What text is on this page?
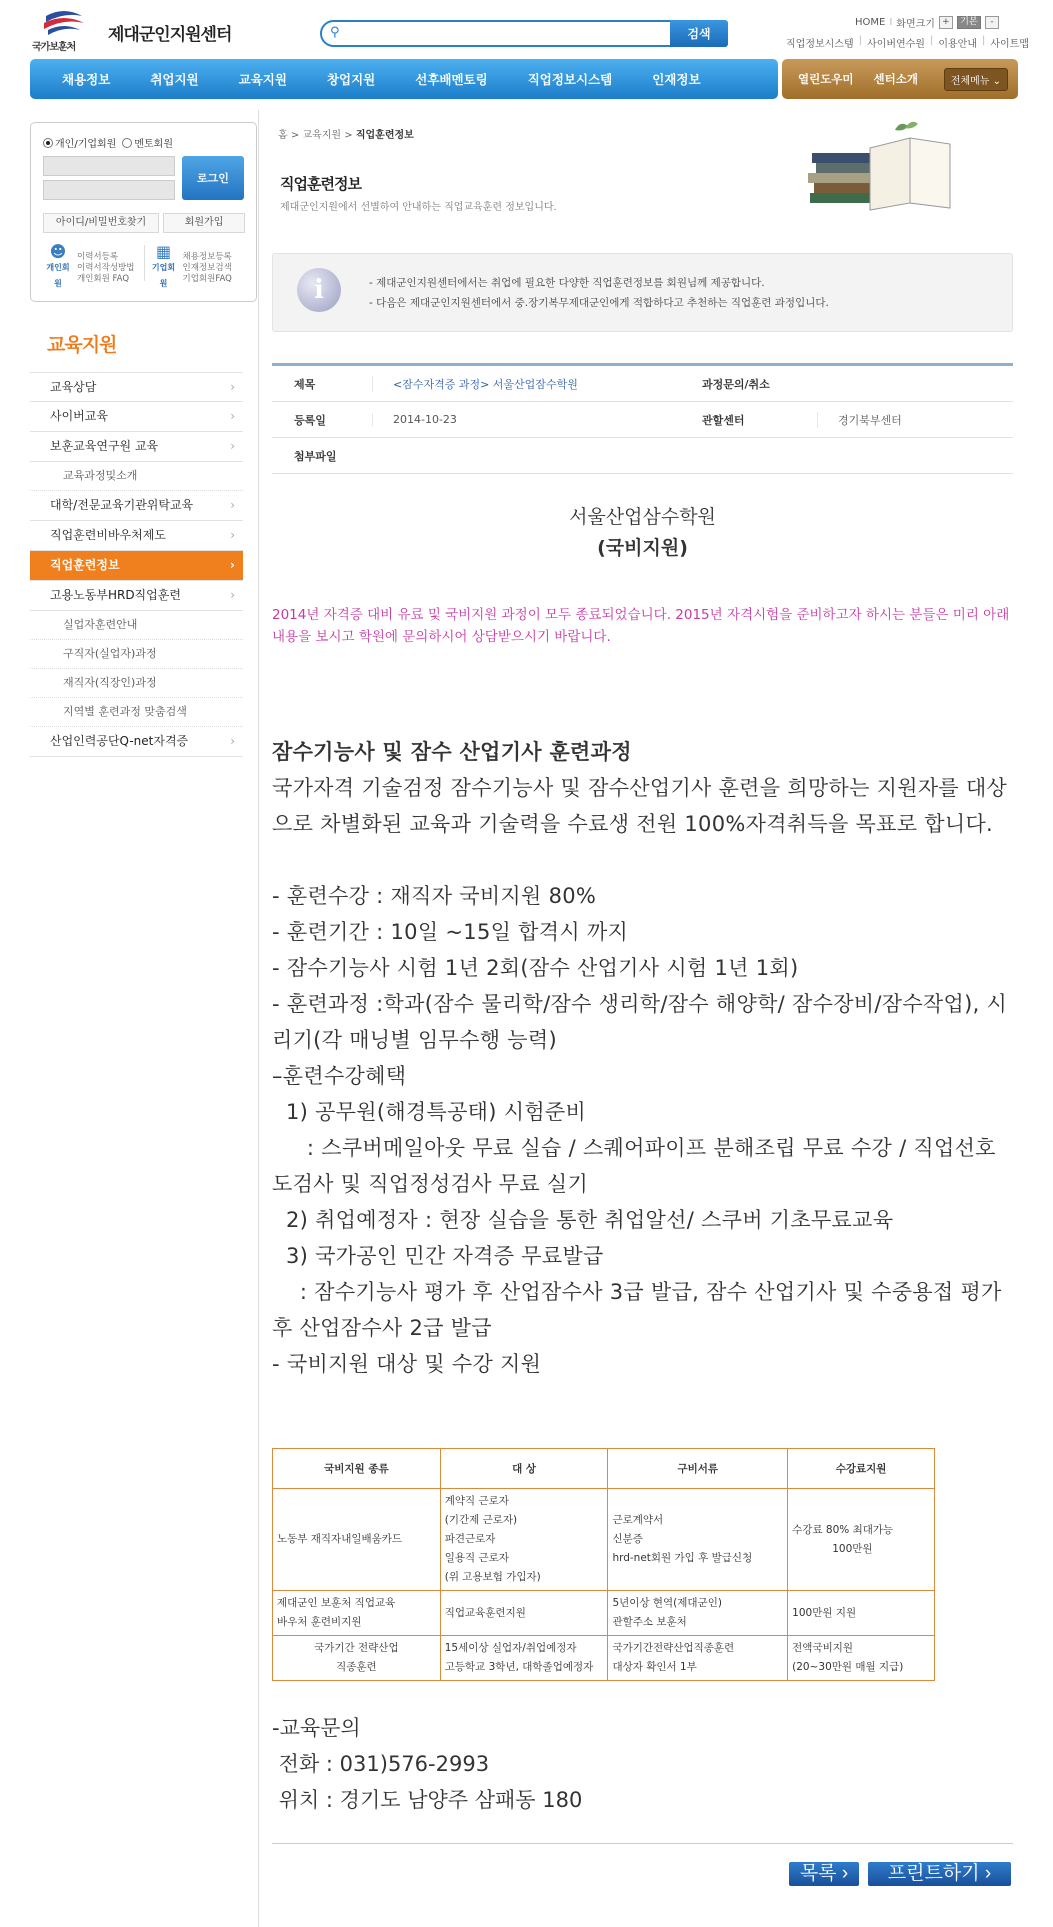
국가보훈처
제대군인지원센터	⚲	검색
HOME I 화면크기 +	기본	-
직업정보시스템 | 사이버연수원 | 이용안내 | 사이트맵
채용정보	취업지원	교육지원	창업지원	선후배멘토링	직업정보시스템	인재정보	열린도우미 센터소개	전체메뉴 ⌄
개인/기업회원	멘토회원
로그인
아이디/비밀번호찾기	회원가입
☻
개인회원
이력서등록
이력서작성방법
개인회원 FAQ
▦
기업회원
채용정보등록
인재정보검색
기업회원FAQ
교육지원
교육상담 ›
사이버교육 ›
보훈교육연구원 교육 ›
교육과정및소개
대학/전문교육기관위탁교육 ›
직업훈련비바우처제도 ›
직업훈련정보 ›
고용노동부HRD직업훈련 ›
실업자훈련안내
구직자(실업자)과정
재직자(직장인)과정
지역별 훈련과정 맞춤검색
산업인력공단Q-net자격증 ›
홈 > 교육지원 > 직업훈련정보
직업훈련정보
제대군인지원에서 선별하여 안내하는 직업교육훈련 정보입니다.
i	- 제대군인지원센터에서는 취업에 필요한 다양한 직업훈련정보를 회원님께 제공합니다.
- 다음은 제대군인지원센터에서 중.장기복무제대군인에게 적합하다고 추천하는 직업훈련 과정입니다.
제목	<잠수자격증 과정> 서울산업잠수학원	과정문의/취소
등록일	2014-10-23	관할센터	경기북부센터
첨부파일
서울산업삼수학원
(국비지원)
2014년 자격증 대비 유료 및 국비지원 과정이 모두 종료되었습니다. 2015년 자격시험을 준비하고자 하시는 분들은 미리 아래 내용을 보시고 학원에 문의하시어 상담받으시기 바랍니다.
잠수기능사 및 잠수 산업기사 훈련과정
국가자격 기술검정 잠수기능사 및 잠수산업기사 훈련을 희망하는 지원자를 대상으로 차별화된 교육과 기술력을 수료생 전원 100%자격취득을 목표로 합니다.
- 훈련수강 : 재직자 국비지원 80%
- 훈련기간 : 10일 ~15일 합격시 까지
- 잠수기능사 시험 1년 2회(잠수 산업기사 시험 1년 1회)
- 훈련과정 :학과(잠수 물리학/잠수 생리학/잠수 해양학/ 잠수장비/잠수작업), 시리기(각 매닝별 임무수행 능력)
–훈련수강혜택
1) 공무원(해경특공태) 시험준비
: 스쿠버메일아웃 무료 실습 / 스퀘어파이프 분해조립 무료 수강 / 직업선호도검사 및 직업정성검사 무료 실기
2) 취업예정자 : 현장 실습을 통한 취업알선/ 스쿠버 기초무료교육
3) 국가공인 민간 자격증 무료발급
: 잠수기능사 평가 후 산업잠수사 3급 발급, 잠수 산업기사 및 수중용접 평가 후 산업잠수사 2급 발급
- 국비지원 대상 및 수강 지원
국비지원 종류	대 상	구비서류	수강료지원
노동부 재직자내일배움카드	계약직 근로자
(기간제 근로자)
파견근로자
일용직 근로자
(위 고용보험 가입자)	근로계약서
신분증
hrd-net회원 가입 후 발급신청	수강료 80% 최대가능
100만원
제대군인 보훈처 직업교육
바우처 훈련비지원	직업교육훈련지원	5년이상 현역(제대군인)
관할주소 보훈처	100만원 지원
국가기간 전략산업
직종훈련	15세이상 실업자/취업예정자
고등학교 3학년, 대학졸업예정자	국가기간전략산업직종훈련
대상자 확인서 1부	전액국비지원
(20~30만원 매월 지급)
-교육문의
전화 : 031)576-2993
위치 : 경기도 남양주 삼패동 180
목록 ›	프린트하기 ›
